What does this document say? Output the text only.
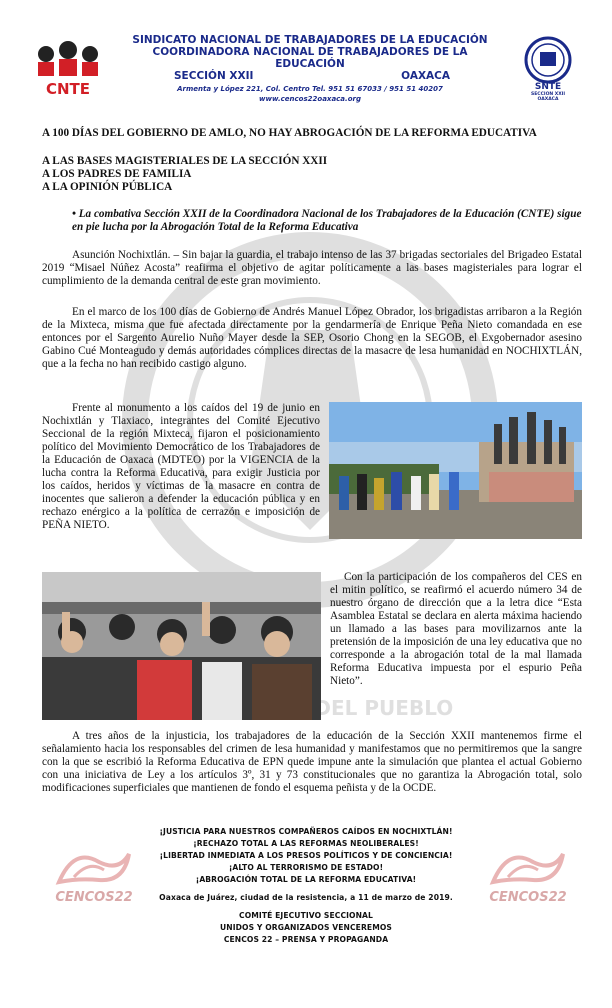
DEL PUEBLO
CNTE	SNTE
SECCION XXII
OAXACA
SINDICATO NACIONAL DE TRABAJADORES DE LA EDUCACIÓN
COORDINADORA NACIONAL DE TRABAJADORES DE LA EDUCACIÓN
SECCIÓN XXII	OAXACA
Armenta y López 221, Col. Centro Tel. 951 51 67033 / 951 51 40207
www.cencos22oaxaca.org
A 100 DÍAS DEL GOBIERNO DE AMLO, NO HAY ABROGACIÓN DE LA REFORMA EDUCATIVA
A LAS BASES MAGISTERIALES DE LA SECCIÓN XXII
A LOS PADRES DE FAMILIA
A LA OPINIÓN PÚBLICA
• La combativa Sección XXII de la Coordinadora Nacional de los Trabajadores de la Educación (CNTE) sigue en pie lucha por la Abrogación Total de la Reforma Educativa
Asunción Nochixtlán. – Sin bajar la guardia, el trabajo intenso de las 37 brigadas sectoriales del Brigadeo Estatal 2019 “Misael Núñez Acosta” reafirma el objetivo de agitar políticamente a las bases magisteriales para lograr el cumplimiento de la demanda central de este gran movimiento.
En el marco de los 100 días de Gobierno de Andrés Manuel López Obrador, los brigadistas arribaron a la Región de la Mixteca, misma que fue afectada directamente por la gendarmería de Enrique Peña Nieto comandada en ese entonces por el Sargento Aurelio Nuño Mayer desde la SEP, Osorio Chong en la SEGOB, el Exgobernador asesino Gabino Cué Monteagudo y demás autoridades cómplices directas de la masacre de lesa humanidad en NOCHIXTLÁN, que a la fecha no han recibido castigo alguno.
Frente al monumento a los caídos del 19 de junio en Nochixtlán y Tlaxiaco, integrantes del Comité Ejecutivo Seccional de la región Mixteca, fijaron el posicionamiento político del Movimiento Democrático de los Trabajadores de la Educación de Oaxaca (MDTEO) por la VIGENCIA de la lucha contra la Reforma Educativa, para exigir Justicia por los caídos, heridos y víctimas de la masacre en contra de inocentes que salieron a defender la educación pública y en rechazo enérgico a la política de cerrazón e imposición de PEÑA NIETO.
Con la participación de los compañeros del CES en el mitin político, se reafirmó el acuerdo número 34 de nuestro órgano de dirección que a la letra dice “Esta Asamblea Estatal se declara en alerta máxima haciendo un llamado a las bases para movilizarnos ante la pretensión de la imposición de una ley educativa que no corresponde a la abrogación total de la mal llamada Reforma Educativa impuesta por el espurio Peña Nieto”.
A tres años de la injusticia, los trabajadores de la educación de la Sección XXII mantenemos firme el señalamiento hacia los responsables del crimen de lesa humanidad y manifestamos que no permitiremos que la sangre con la que se escribió la Reforma Educativa de EPN quede impune ante la simulación que plantea el actual Gobierno con una iniciativa de Ley a los artículos 3º, 31 y 73 constitucionales que no garantiza la Abrogación total, solo modificaciones superficiales que mantienen de fondo el esquema peñista y de la OCDE.
CENCOS22	CENCOS22
¡JUSTICIA PARA NUESTROS COMPAÑEROS CAÍDOS EN NOCHIXTLÁN!
¡RECHAZO TOTAL A LAS REFORMAS NEOLIBERALES!
¡LIBERTAD INMEDIATA A LOS PRESOS POLÍTICOS Y DE CONCIENCIA!
¡ALTO AL TERRORISMO DE ESTADO!
¡ABROGACIÓN TOTAL DE LA REFORMA EDUCATIVA!
Oaxaca de Juárez, ciudad de la resistencia, a 11 de marzo de 2019.
COMITÉ EJECUTIVO SECCIONAL
UNIDOS Y ORGANIZADOS VENCEREMOS
CENCOS 22 – PRENSA Y PROPAGANDA
